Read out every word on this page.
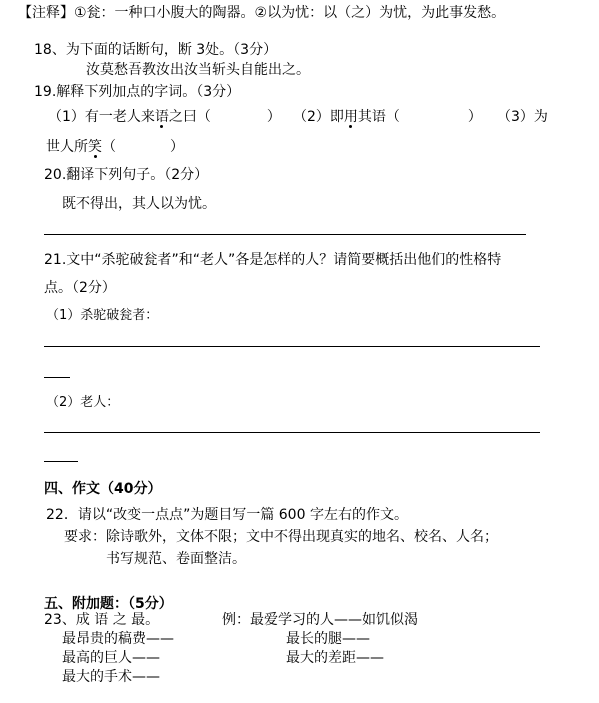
【注释】①瓮：一种口小腹大的陶器。②以为忧：以（之）为忧，为此事发愁。
18、为下面的话断句，断 3处。（3分）
汝莫愁吾教汝出汝当斩头自能出之。
19.解释下列加点的字词。（3分）
（1）有一老人来语之曰（	） （2）即用其语（	） （3）为
世人所笑（	）
20.翻译下列句子。（2分）
既不得出，其人以为忧。
21.文中“杀驼破瓮者”和“老人”各是怎样的人？请简要概括出他们的性格特
点。（2分）
（1）杀驼破瓮者：
（2）老人：
四、作文（40分）
22．请以“改变一点点”为题目写一篇 600 字左右的作文。
要求：除诗歌外，文体不限；文中不得出现真实的地名、校名、人名；
书写规范、卷面整洁。
五、附加题：（5分）
23、成 语 之 最。	例：最爱学习的人——如饥似渴
最昂贵的稿费——	最长的腿——
最高的巨人——	最大的差距——
最大的手术——
